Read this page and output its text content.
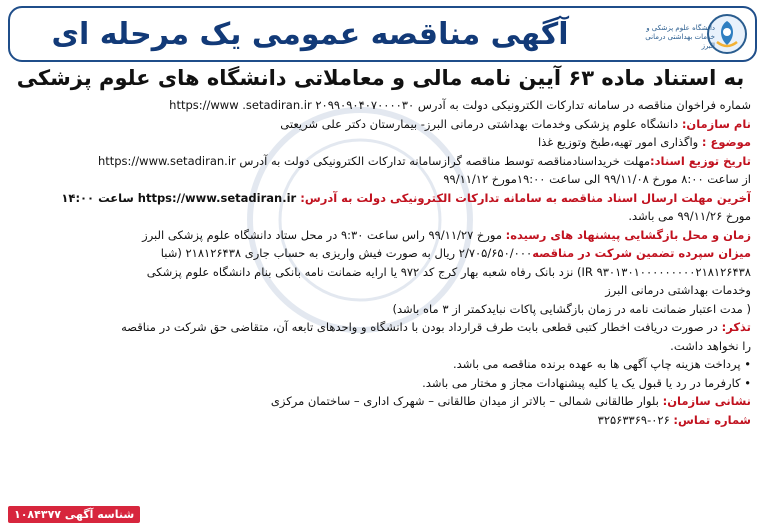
آگهی مناقصه عمومی یک مرحله ای	دانشگاه علوم پزشکی و خدمات بهداشتی درمانی البرز
به استناد ماده ۶۳ آیین نامه مالی و معاملاتی دانشگاه های علوم پزشکی
شماره فراخوان مناقصه در سامانه تدارکات الکترونیکی دولت به آدرس https://www .setadiran.ir ۲۰۹۹۰۹۰۴۰۷۰۰۰۰۳۰
نام سازمان: دانشگاه علوم پزشکی وخدمات بهداشتی درمانی البرز- بیمارستان دکتر علی شریعتی
موضوع : واگذاری امور تهیه،طبخ وتوزیع غذا
تاریخ توزیع اسناد:مهلت خریداسنادمناقصه توسط مناقصه گرازسامانه تدارکات الکترونیکی دولت به آدرس https://www.setadiran.ir
از ساعت ۸:۰۰ مورخ ۹۹/۱۱/۰۸ الی ساعت ۱۹:۰۰مورخ ۹۹/۱۱/۱۲
آخرین مهلت ارسال اسناد مناقصه به سامانه تدارکات الکترونیکی دولت به آدرس: https://www.setadiran.ir ساعت ۱۴:۰۰
مورخ ۹۹/۱۱/۲۶ می باشد.
زمان و محل بازگشایی پیشنهاد های رسیده: مورخ ۹۹/۱۱/۲۷ راس ساعت ۹:۳۰ در محل ستاد دانشگاه علوم پزشکی البرز
میزان سپرده تضمین شرکت در مناقصه۲/۷۰۵/۶۵۰/۰۰۰ ریال به صورت فیش واریزی به حساب جاری ۲۱۸۱۲۶۴۳۸ (شبا
IR ۹۳۰۱۳۰۱۰۰۰۰۰۰۰۰۰۲۱۸۱۲۶۴۳۸) نزد بانک رفاه شعبه بهار کرج کد ۹۷۲ یا ارایه ضمانت نامه بانکی بنام دانشگاه علوم پزشکی
وخدمات بهداشتی درمانی البرز
( مدت اعتبار ضمانت نامه در زمان بازگشایی پاکات نبایدکمتر از ۳ ماه باشد)
تذکر: در صورت دریافت اخطار کتبی قطعی بابت طرف قرارداد بودن با دانشگاه و واحدهای تابعه آن، متقاضی حق شرکت در مناقصه
را نخواهد داشت.
• پرداخت هزینه چاپ آگهی ها به عهده برنده مناقصه می باشد.
• کارفرما در رد یا قبول یک یا کلیه پیشنهادات مجاز و مختار می باشد.
نشانی سازمان: بلوار طالقانی شمالی – بالاتر از میدان طالقانی – شهرک اداری – ساختمان مرکزی
شماره تماس: ۰۲۶-۳۲۵۶۳۳۶۹
شناسه آگهی ۱۰۸۴۳۷۷
